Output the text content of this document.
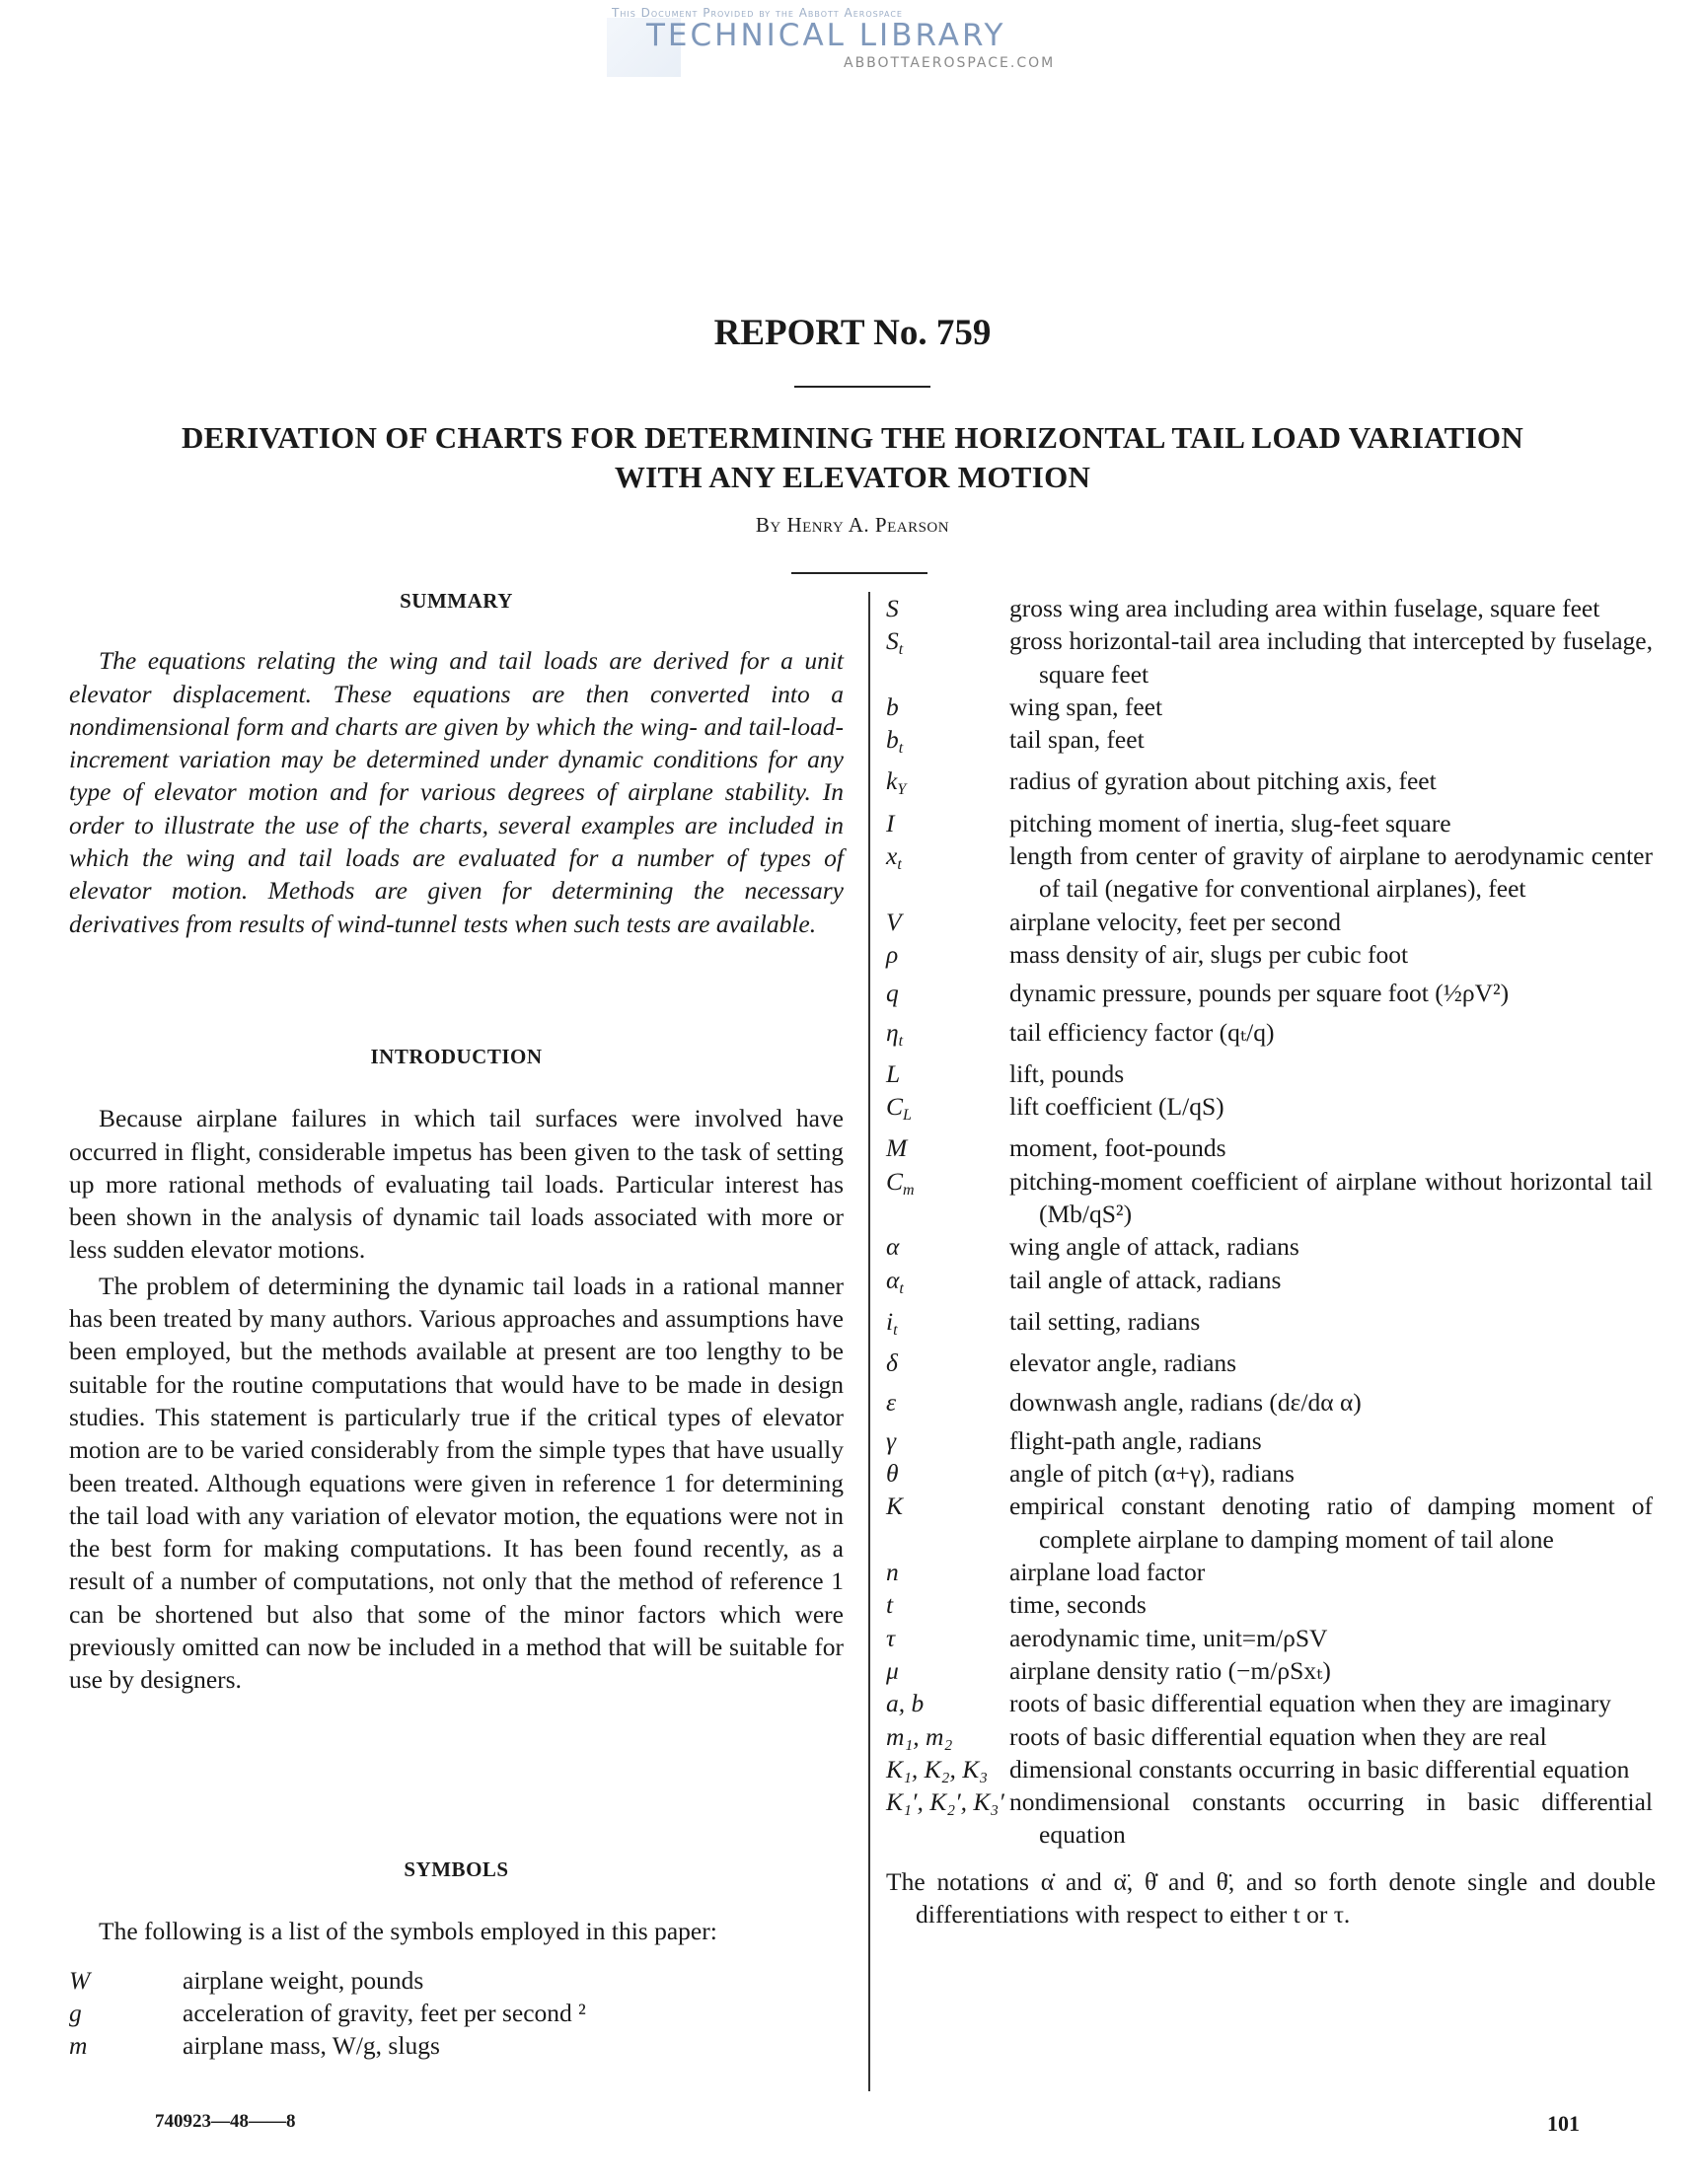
This Document Provided by the Abbott Aerospace
TECHNICAL LIBRARY
ABBOTTAEROSPACE.COM
REPORT No. 759
DERIVATION OF CHARTS FOR DETERMINING THE HORIZONTAL TAIL LOAD VARIATION
WITH ANY ELEVATOR MOTION
By Henry A. Pearson
SUMMARY
The equations relating the wing and tail loads are derived for a unit elevator displacement. These equations are then converted into a nondimensional form and charts are given by which the wing- and tail-load-increment variation may be determined under dynamic conditions for any type of elevator motion and for various degrees of airplane stability. In order to illustrate the use of the charts, several examples are included in which the wing and tail loads are evaluated for a number of types of elevator motion. Methods are given for determining the necessary derivatives from results of wind-tunnel tests when such tests are available.
INTRODUCTION
Because airplane failures in which tail surfaces were involved have occurred in flight, considerable impetus has been given to the task of setting up more rational methods of evaluating tail loads. Particular interest has been shown in the analysis of dynamic tail loads associated with more or less sudden elevator motions.
The problem of determining the dynamic tail loads in a rational manner has been treated by many authors. Various approaches and assumptions have been employed, but the methods available at present are too lengthy to be suitable for the routine computations that would have to be made in design studies. This statement is particularly true if the critical types of elevator motion are to be varied considerably from the simple types that have usually been treated. Although equations were given in reference 1 for determining the tail load with any variation of elevator motion, the equations were not in the best form for making computations. It has been found recently, as a result of a number of computations, not only that the method of reference 1 can be shortened but also that some of the minor factors which were previously omitted can now be included in a method that will be suitable for use by designers.
SYMBOLS
The following is a list of the symbols employed in this paper:
W	airplane weight, pounds
g	acceleration of gravity, feet per second ²
m	airplane mass, W/g, slugs
740923—48——8
S	gross wing area including area within fuselage, square feet
$S_t$	gross horizontal-tail area including that intercepted by fuselage, square feet
b	wing span, feet
$b_t$	tail span, feet
$k_Y$	radius of gyration about pitching axis, feet
I	pitching moment of inertia, slug-feet square
$x_t$	length from center of gravity of airplane to aerodynamic center of tail (negative for conventional airplanes), feet
V	airplane velocity, feet per second
ρ	mass density of air, slugs per cubic foot
q	dynamic pressure, pounds per square foot (½ρV²)
$\eta_t$	tail efficiency factor (qₜ/q)
L	lift, pounds
$C_L$	lift coefficient (L/qS)
M	moment, foot-pounds
$C_m$	pitching-moment coefficient of airplane without horizontal tail (Mb/qS²)
α	wing angle of attack, radians
$\alpha_t$	tail angle of attack, radians
$i_t$	tail setting, radians
δ	elevator angle, radians
ε	downwash angle, radians (dε/dα α)
γ	flight-path angle, radians
θ	angle of pitch (α+γ), radians
K	empirical constant denoting ratio of damping moment of complete airplane to damping moment of tail alone
n	airplane load factor
t	time, seconds
τ	aerodynamic time, unit=m/ρSV
μ	airplane density ratio (−m/ρSxₜ)
a, b	roots of basic differential equation when they are imaginary
m₁, m₂	roots of basic differential equation when they are real
K₁, K₂, K₃ dimensional constants occurring in basic differential equation
K₁′, K₂′, K₃′ nondimensional constants occurring in basic differential equation
The notations α̇ and α̈, θ̇ and θ̈, and so forth denote single and double differentiations with respect to either t or τ.
101
